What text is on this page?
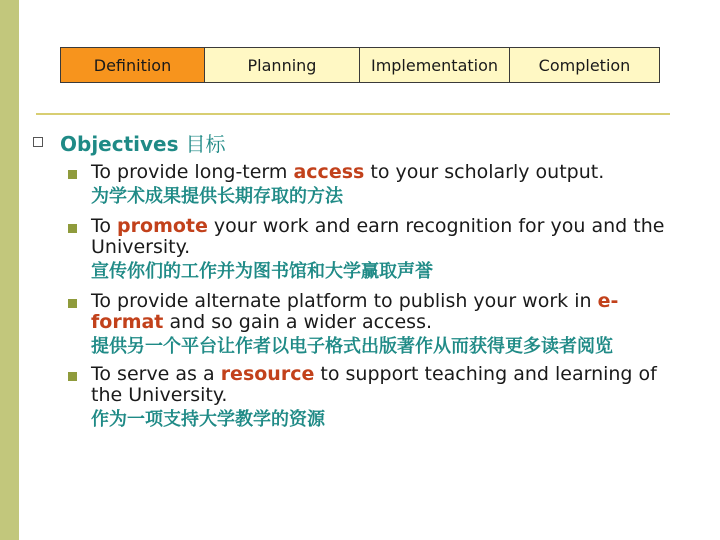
Definition	Planning	Implementation	Completion
Objectives 目标
To provide long-term access to your scholarly output.
为学术成果提供长期存取的方法
To promote your work and earn recognition for you and the University.
宣传你们的工作并为图书馆和大学赢取声誉
To provide alternate platform to publish your work in e-format and so gain a wider access.
提供另一个平台让作者以电子格式出版著作从而获得更多读者阅览
To serve as a resource to support teaching and learning of the University.
作为一项支持大学教学的资源
